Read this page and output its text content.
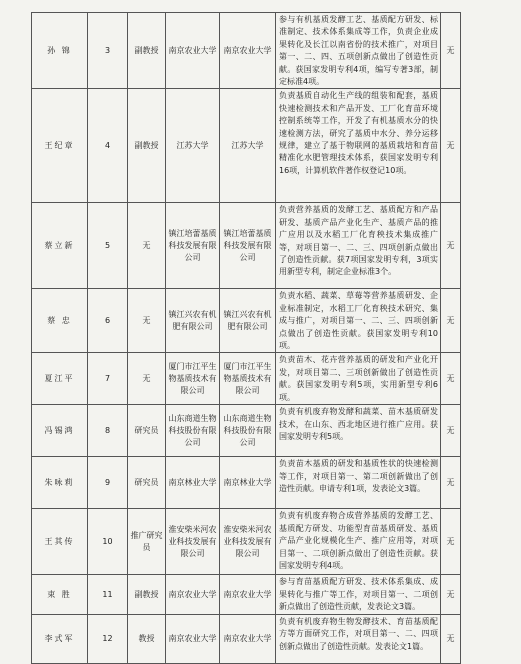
孙 锦	3	副教授	南京农业大学	南京农业大学	参与有机基质发酵工艺、基质配方研发、标准制定、技术体系集成等工作，负责企业成果转化及长江以南省份的技术推广，对项目第一、二、四、五项创新点做出了创造性贡献。获国家发明专利4项，编写专著3部，制定标准4项。	无
王纪章	4	副教授	江苏大学	江苏大学	负责基质自动化生产线的组装和配套，基质快速检测技术和产品开发、工厂化育苗环境控制系统等工作，开发了有机基质水分的快速检测方法，研究了基质中水分、养分运移规律，建立了基于物联网的基质栽培和育苗精准化水肥管理技术体系，获国家发明专利16项，计算机软件著作权登记10项。	无
蔡立新	5	无	镇江培蕾基质科技发展有限公司	镇江培蕾基质科技发展有限公司	负责营养基质的发酵工艺、基质配方和产品研发、基质产品产业化生产、基质产品的推广应用以及水稻工厂化育秧技术集成推广等，对项目第一、二、三、四项创新点做出了创造性贡献。获7项国家发明专利，3项实用新型专利，制定企业标准3个。	无
蔡 忠	6	无	镇江兴农有机肥有限公司	镇江兴农有机肥有限公司	负责水稻、蔬菜、草莓等营养基质研发、企业标准制定，水稻工厂化育秧技术研究、集成与推广，对项目第一、二、三、四项创新点做出了创造性贡献。获国家发明专利10项。	无
夏江平	7	无	厦门市江平生物基质技术有限公司	厦门市江平生物基质技术有限公司	负责苗木、花卉营养基质的研发和产业化开发，对项目第二、三项创新做出了创造性贡献。获国家发明专利5项，实用新型专利6项。	无
冯锡鸿	8	研究员	山东商道生物科技股份有限公司	山东商道生物科技股份有限公司	负责有机废弃物发酵和蔬菜、苗木基质研发技术，在山东、西北地区进行推广应用。获国家发明专利5项。	无
朱咏莉	9	研究员	南京林业大学	南京林业大学	负责苗木基质的研发和基质性状的快速检测等工作，对项目第一、第二项创新做出了创造性贡献。申请专利1项，发表论文3篇。	无
王其传	10	推广研究员	淮安柴米河农业科技发展有限公司	淮安柴米河农业科技发展有限公司	负责有机废弃物合成营养基质的发酵工艺、基质配方研发、功能型育苗基质研发、基质产品产业化规模化生产、推广应用等，对项目第一、二项创新点做出了创造性贡献。获国家发明专利4项。	无
束 胜	11	副教授	南京农业大学	南京农业大学	参与育苗基质配方研发、技术体系集成、成果转化与推广等工作，对项目第一、二项创新点做出了创造性贡献，发表论文3篇。	无
李式军	12	教授	南京农业大学	南京农业大学	负责有机废弃物生物发酵技术、育苗基质配方等方面研究工作，对项目第一、二、四项创新点做出了创造性贡献。发表论文1篇。	无
